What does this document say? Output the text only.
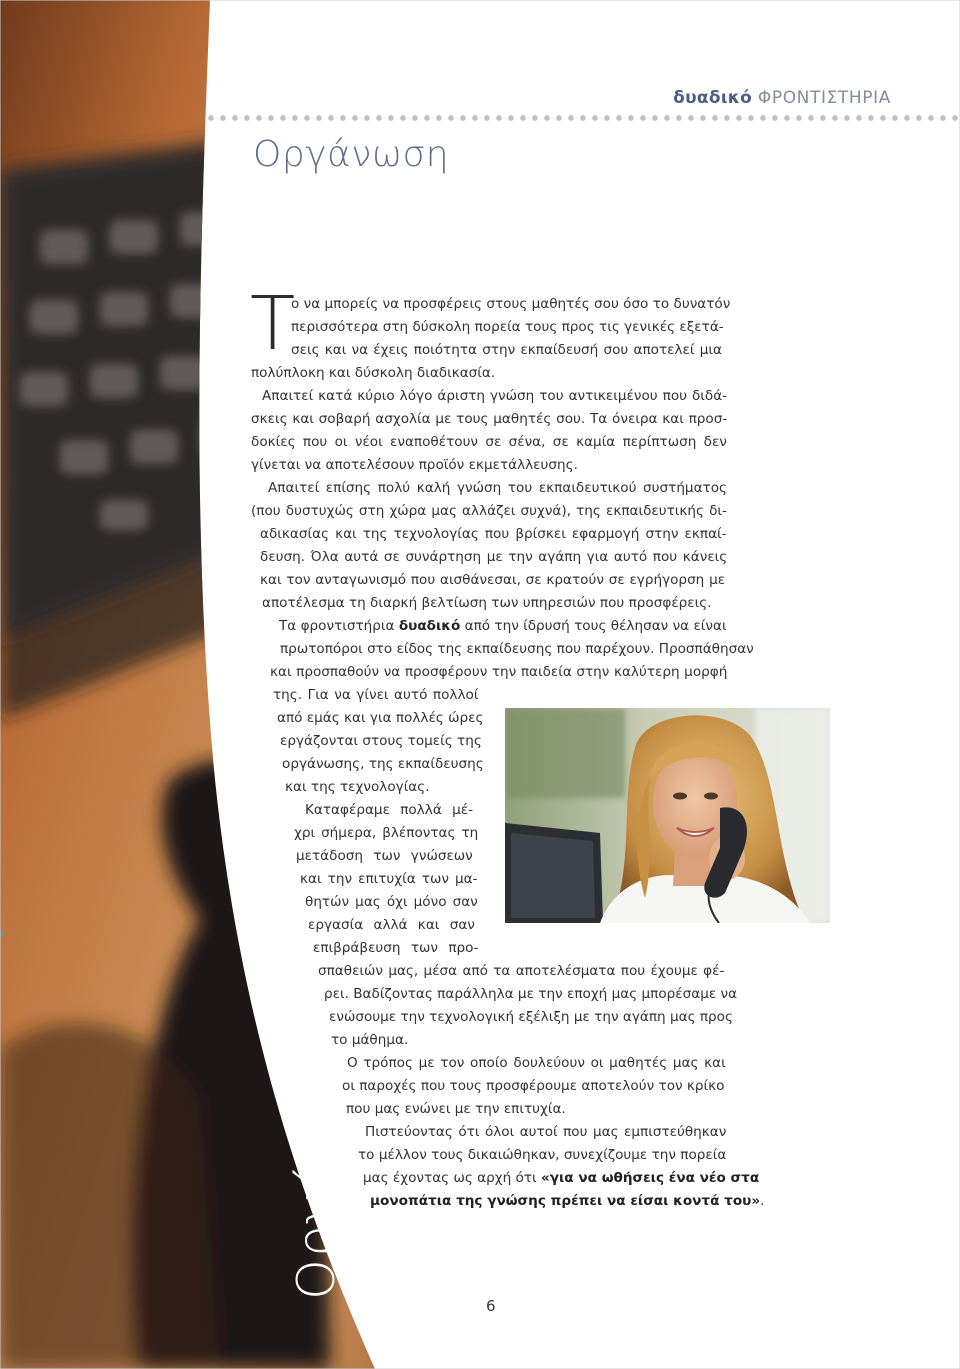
δυαδικό ΦΡΟΝΤΙΣΤΗΡΙΑ
Οργάνωση
T
ο να μπορείς να προσφέρεις στους μαθητές σου όσο το δυνατόν
περισσότερα στη δύσκολη πορεία τους προς τις γενικές εξετά-
σεις και να έχεις ποιότητα στην εκπαίδευσή σου αποτελεί μια
πολύπλοκη και δύσκολη διαδικασία.
Απαιτεί κατά κύριο λόγο άριστη γνώση του αντικειμένου που διδά-
σκεις και σοβαρή ασχολία με τους μαθητές σου. Τα όνειρα και προσ-
δοκίες που οι νέοι εναποθέτουν σε σένα, σε καμία περίπτωση δεν
γίνεται να αποτελέσουν προϊόν εκμετάλλευσης.
Απαιτεί επίσης πολύ καλή γνώση του εκπαιδευτικού συστήματος
(που δυστυχώς στη χώρα μας αλλάζει συχνά), της εκπαιδευτικής δι-
αδικασίας και της τεχνολογίας που βρίσκει εφαρμογή στην εκπαί-
δευση. Όλα αυτά σε συνάρτηση με την αγάπη για αυτό που κάνεις
και τον ανταγωνισμό που αισθάνεσαι, σε κρατούν σε εγρήγορση με
αποτέλεσμα τη διαρκή βελτίωση των υπηρεσιών που προσφέρεις.
Τα φροντιστήρια δυαδικό από την ίδρυσή τους θέλησαν να είναι
πρωτοπόροι στο είδος της εκπαίδευσης που παρέχουν. Προσπάθησαν
και προσπαθούν να προσφέρουν την παιδεία στην καλύτερη μορφή
της. Για να γίνει αυτό πολλοί
από εμάς και για πολλές ώρες
εργάζονται στους τομείς της
οργάνωσης, της εκπαίδευσης
και της τεχνολογίας.
Καταφέραμε πολλά μέ-
χρι σήμερα, βλέποντας τη
μετάδοση των γνώσεων
και την επιτυχία των μα-
θητών μας όχι μόνο σαν
εργασία αλλά και σαν
επιβράβευση των προ-
σπαθειών μας, μέσα από τα αποτελέσματα που έχουμε φέ-
ρει. Βαδίζοντας παράλληλα με την εποχή μας μπορέσαμε να
ενώσουμε την τεχνολογική εξέλιξη με την αγάπη μας προς
το μάθημα.
Ο τρόπος με τον οποίο δουλεύουν οι μαθητές μας και
οι παροχές που τους προσφέρουμε αποτελούν τον κρίκο
που μας ενώνει με την επιτυχία.
Πιστεύοντας ότι όλοι αυτοί που μας εμπιστεύθηκαν
το μέλλον τους δικαιώθηκαν, συνεχίζουμε την πορεία
μας έχοντας ως αρχή ότι «για να ωθήσεις ένα νέο στα
μονοπάτια της γνώσης πρέπει να είσαι κοντά του».
Οργάνωση
6
